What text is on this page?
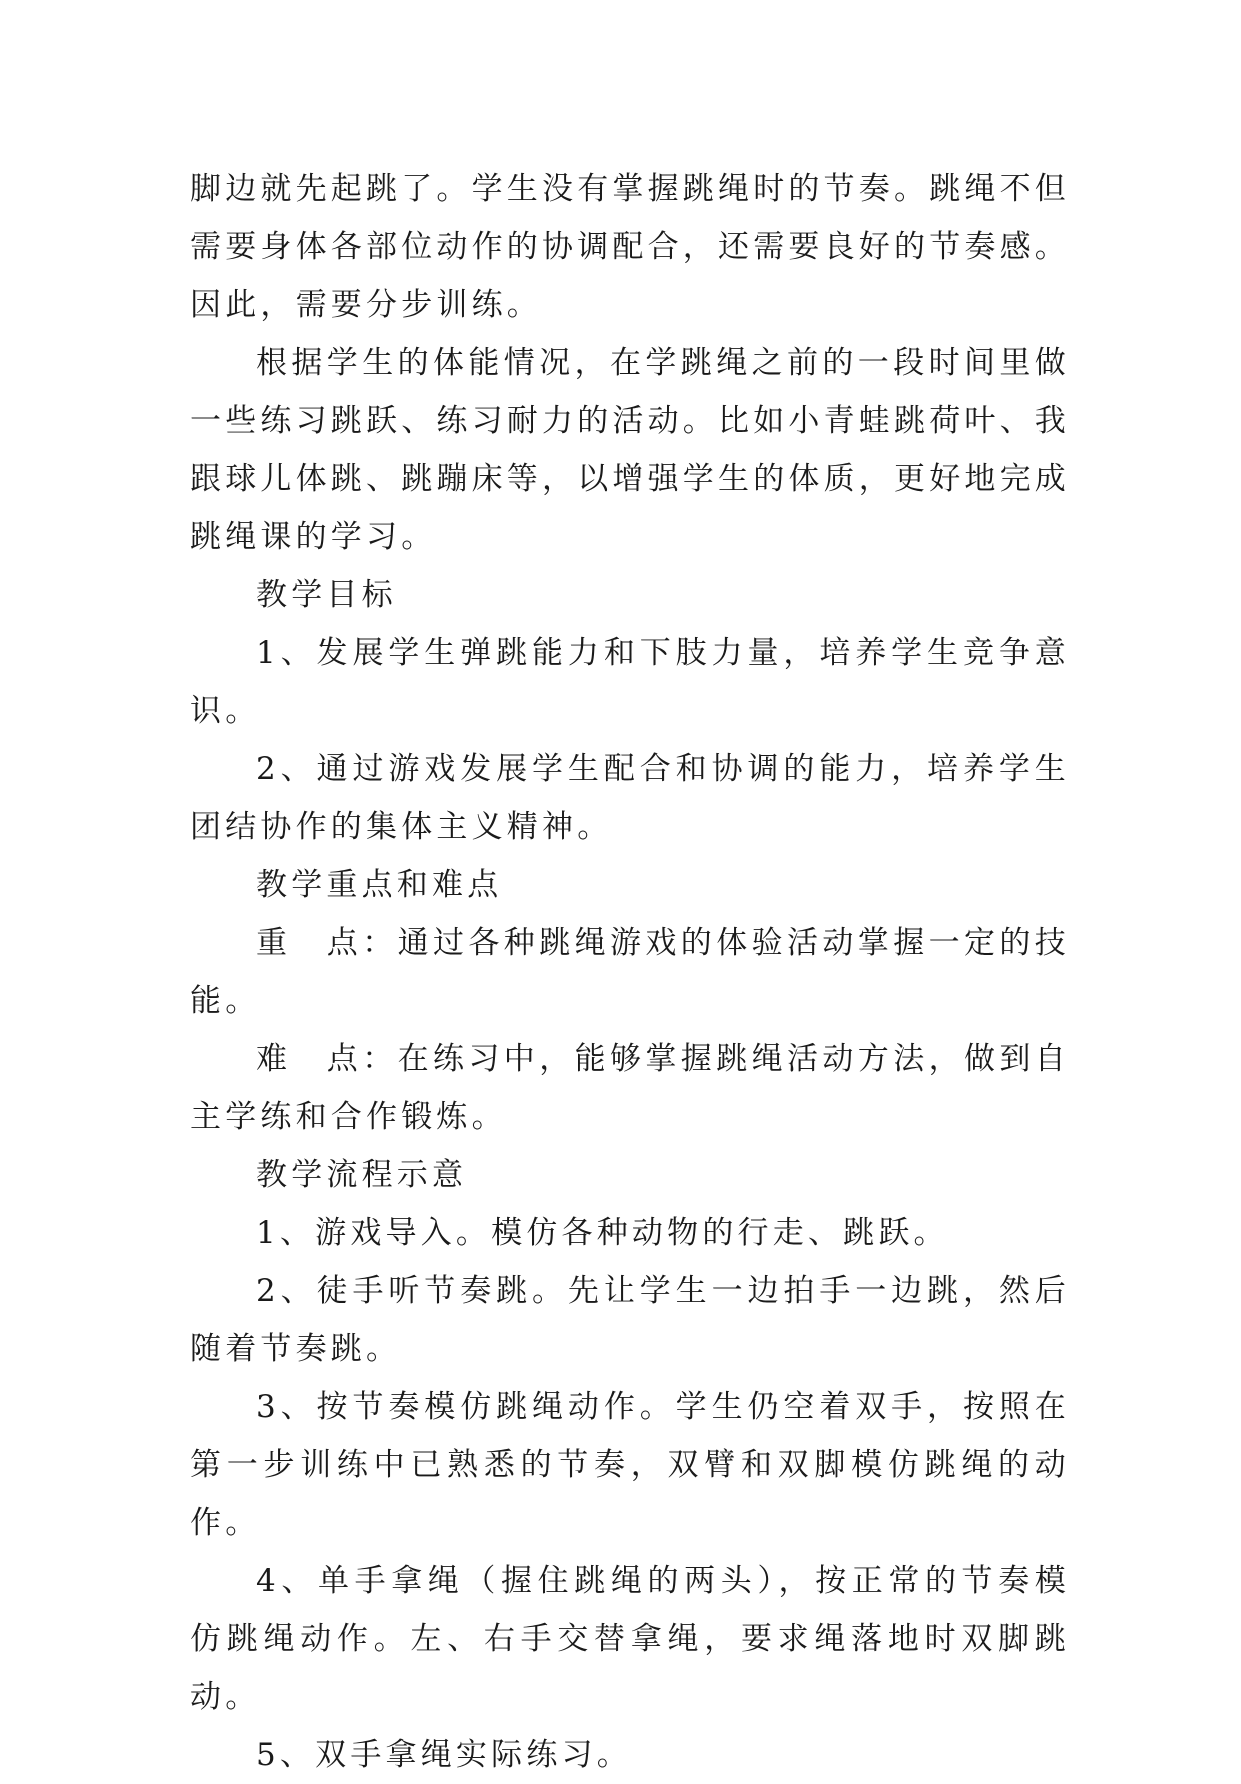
脚边就先起跳了。学生没有掌握跳绳时的节奏。跳绳不但需要身体各部位动作的协调配合，还需要良好的节奏感。因此，需要分步训练。

根据学生的体能情况，在学跳绳之前的一段时间里做一些练习跳跃、练习耐力的活动。比如小青蛙跳荷叶、我跟球儿体跳、跳蹦床等，以增强学生的体质，更好地完成跳绳课的学习。

教学目标

1、发展学生弹跳能力和下肢力量，培养学生竞争意识。

2、通过游戏发展学生配合和协调的能力，培养学生团结协作的集体主义精神。

教学重点和难点

重　点：通过各种跳绳游戏的体验活动掌握一定的技能。

难　点：在练习中，能够掌握跳绳活动方法，做到自主学练和合作锻炼。

教学流程示意

1、游戏导入。模仿各种动物的行走、跳跃。

2、徒手听节奏跳。先让学生一边拍手一边跳，然后随着节奏跳。

3、按节奏模仿跳绳动作。学生仍空着双手，按照在第一步训练中已熟悉的节奏，双臂和双脚模仿跳绳的动作。

4、单手拿绳（握住跳绳的两头），按正常的节奏模仿跳绳动作。左、右手交替拿绳，要求绳落地时双脚跳动。

5、双手拿绳实际练习。
